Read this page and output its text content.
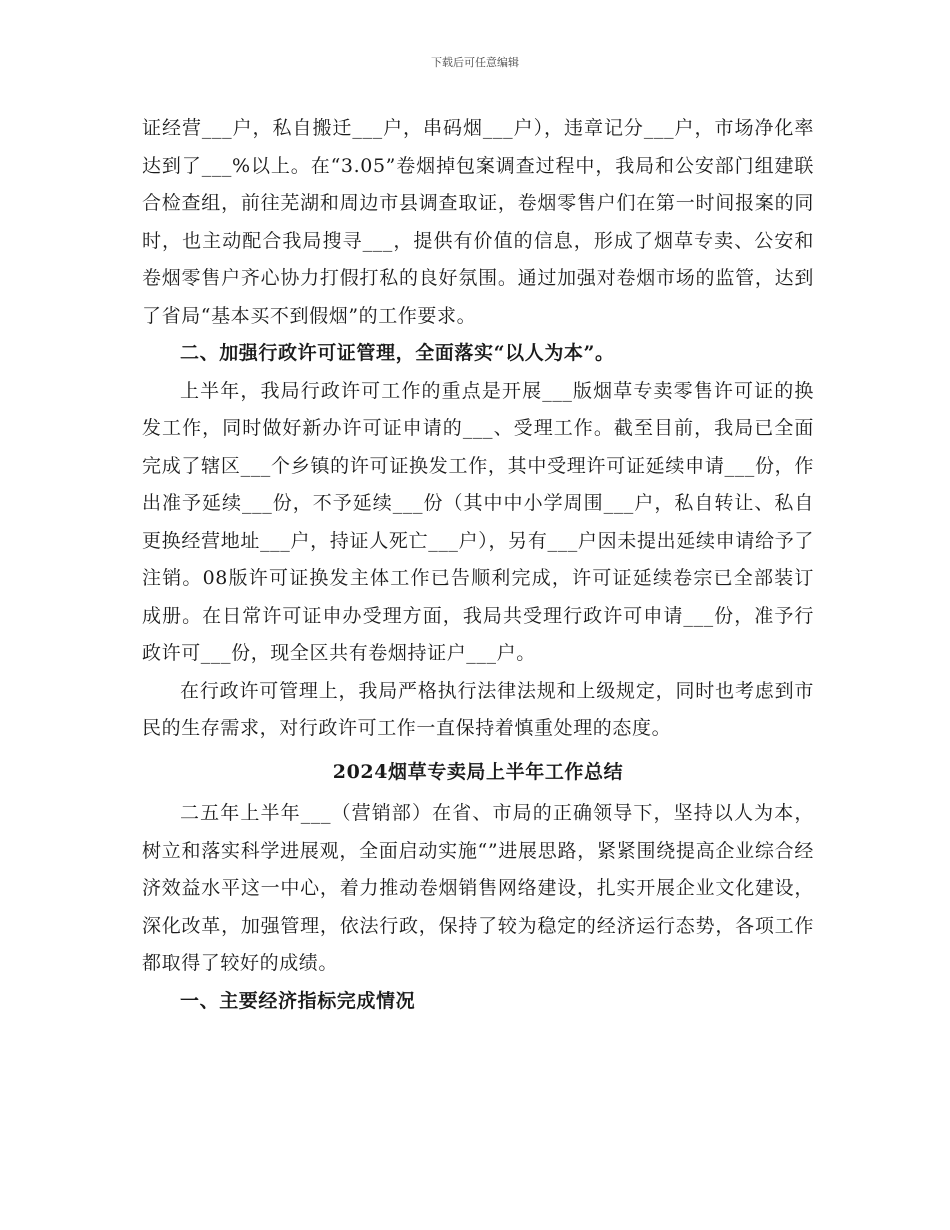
下载后可任意编辑

证经营___户，私自搬迁___户，串码烟___户），违章记分___户，市场净化率达到了___%以上。在“3.05”卷烟掉包案调查过程中，我局和公安部门组建联合检查组，前往芜湖和周边市县调查取证，卷烟零售户们在第一时间报案的同时，也主动配合我局搜寻___，提供有价值的信息，形成了烟草专卖、公安和卷烟零售户齐心协力打假打私的良好氛围。通过加强对卷烟市场的监管，达到了省局“基本买不到假烟”的工作要求。

二、加强行政许可证管理，全面落实“以人为本”。

上半年，我局行政许可工作的重点是开展___版烟草专卖零售许可证的换发工作，同时做好新办许可证申请的___、受理工作。截至目前，我局已全面完成了辖区___个乡镇的许可证换发工作，其中受理许可证延续申请___份，作出准予延续___份，不予延续___份（其中中小学周围___户，私自转让、私自更换经营地址___户，持证人死亡___户），另有___户因未提出延续申请给予了注销。08版许可证换发主体工作已告顺利完成，许可证延续卷宗已全部装订成册。在日常许可证申办受理方面，我局共受理行政许可申请___份，准予行政许可___份，现全区共有卷烟持证户___户。

在行政许可管理上，我局严格执行法律法规和上级规定，同时也考虑到市民的生存需求，对行政许可工作一直保持着慎重处理的态度。

2024烟草专卖局上半年工作总结

二五年上半年___（营销部）在省、市局的正确领导下，坚持以人为本，树立和落实科学进展观，全面启动实施“”进展思路，紧紧围绕提高企业综合经济效益水平这一中心，着力推动卷烟销售网络建设，扎实开展企业文化建设，深化改革，加强管理，依法行政，保持了较为稳定的经济运行态势，各项工作都取得了较好的成绩。

一、主要经济指标完成情况
